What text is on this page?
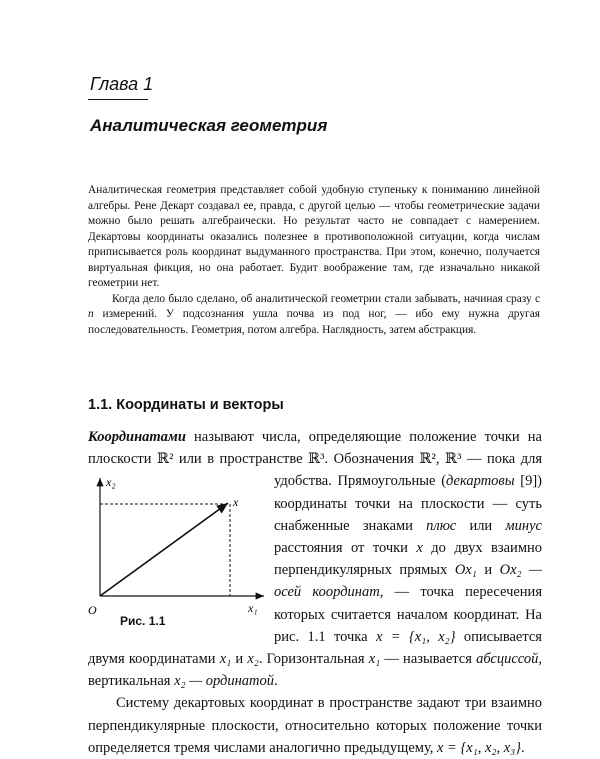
Глава 1
Аналитическая геометрия

Аналитическая геометрия представляет собой удобную ступеньку к пониманию линейной алгебры. Рене Декарт создавал ее, правда, с другой целью — чтобы геометрические задачи можно было решать алгебраически. Но результат часто не совпадает с намерением. Декартовы координаты оказались полезнее в противоположной ситуации, когда числам приписывается роль координат выдуманного пространства. При этом, конечно, получается виртуальная фикция, но она работает. Будит воображение там, где изначально никакой геометрии нет.

Когда дело было сделано, об аналитической геометрии стали забывать, начиная сразу с n измерений. У подсознания ушла почва из под ног, — ибо ему нужна другая последовательность. Геометрия, потом алгебра. Наглядность, затем абстракция.

1.1. Координаты и векторы

Координатами называют числа, определяющие положение точки на плоскости ℝ² или в пространстве ℝ³. Обозначения
x₂
x
O	x₁
Рис. 1.1
ℝ², ℝ³ — пока для удобства. Прямоугольные (декартовы [9]) координаты точки на плоскости — суть снабженные знаками плюс или минус расстояния от точки x до двух взаимно перпендикулярных прямых Ox₁ и Ox₂ — осей координат, — точка пересечения которых считается началом координат. На рис. 1.1 точка x = {x₁, x₂} описывается двумя координатами x₁ и x₂. Горизонтальная x₁ — называется абсциссой, вертикальная x₂ — ординатой.

Систему декартовых координат в пространстве задают три взаимно перпендикулярные плоскости, относительно которых положение точки определяется тремя числами аналогично предыдущему, x = {x₁, x₂, x₃}.
